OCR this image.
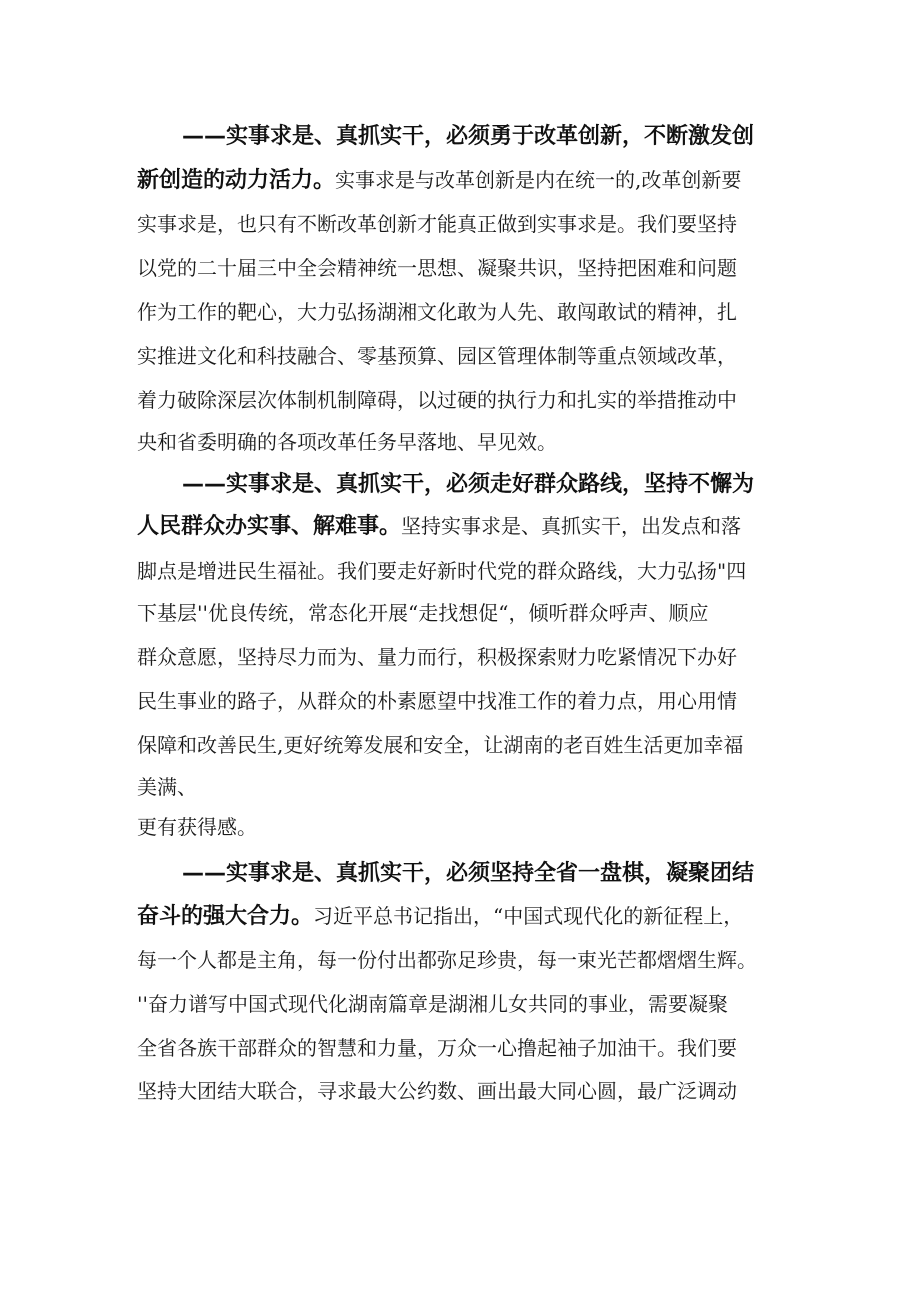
——实事求是、真抓实干，必须勇于改革创新，不断激发创
新创造的动力活力。实事求是与改革创新是内在统一的,改革创新要
实事求是，也只有不断改革创新才能真正做到实事求是。我们要坚持
以党的二十届三中全会精神统一思想、凝聚共识，坚持把困难和问题
作为工作的靶心，大力弘扬湖湘文化敢为人先、敢闯敢试的精神，扎
实推进文化和科技融合、零基预算、园区管理体制等重点领域改革，
着力破除深层次体制机制障碍，以过硬的执行力和扎实的举措推动中
央和省委明确的各项改革任务早落地、早见效。
——实事求是、真抓实干，必须走好群众路线，坚持不懈为
人民群众办实事、解难事。坚持实事求是、真抓实干，出发点和落
脚点是增进民生福祉。我们要走好新时代党的群众路线，大力弘扬"四
下基层''优良传统，常态化开展“走找想促“，倾听群众呼声、顺应
群众意愿，坚持尽力而为、量力而行，积极探索财力吃紧情况下办好
民生事业的路子，从群众的朴素愿望中找准工作的着力点，用心用情
保障和改善民生,更好统筹发展和安全，让湖南的老百姓生活更加幸福
美满、
更有获得感。
——实事求是、真抓实干，必须坚持全省一盘棋，凝聚团结
奋斗的强大合力。习近平总书记指出，“中国式现代化的新征程上，
每一个人都是主角，每一份付出都弥足珍贵，每一束光芒都熠熠生辉。
''奋力谱写中国式现代化湖南篇章是湖湘儿女共同的事业，需要凝聚
全省各族干部群众的智慧和力量，万众一心撸起袖子加油干。我们要
坚持大团结大联合，寻求最大公约数、画出最大同心圆，最广泛调动
